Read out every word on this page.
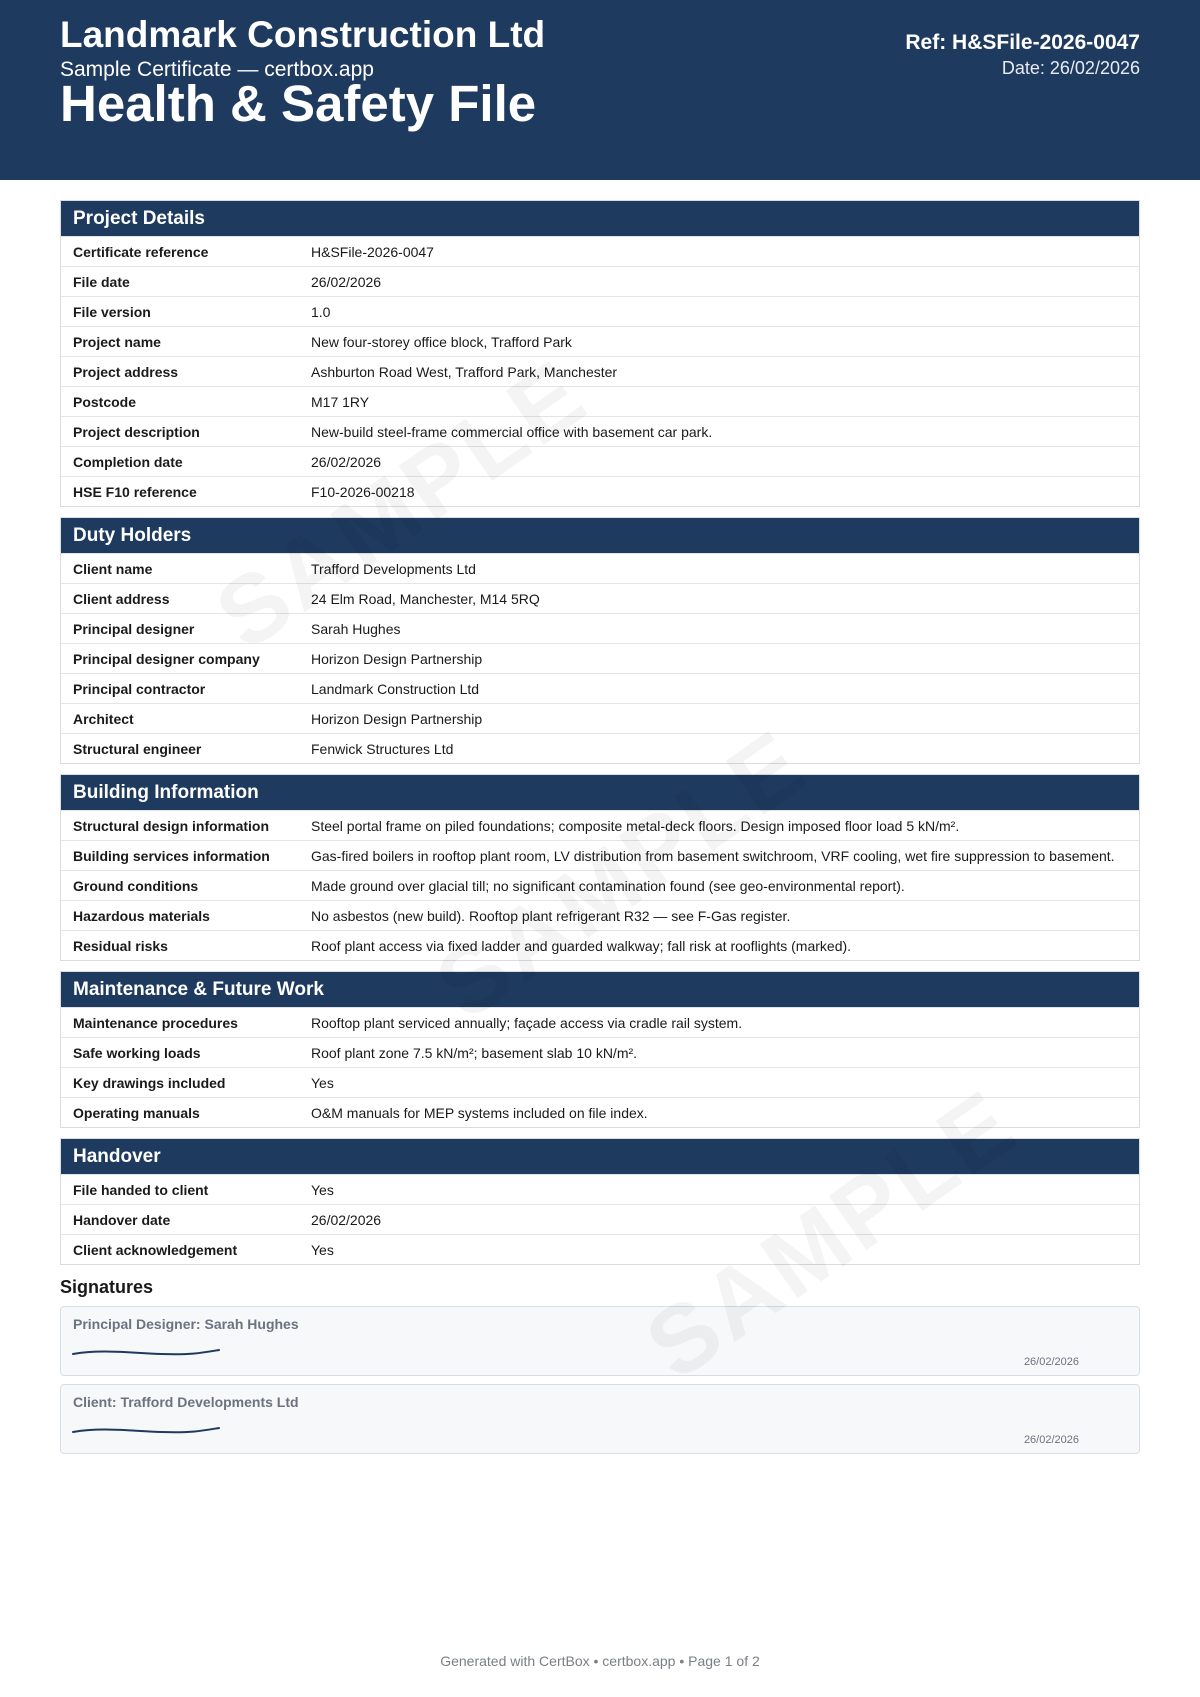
Landmark Construction Ltd
Sample Certificate — certbox.app
Health & Safety File
Ref: H&SFile-2026-0047
Date: 26/02/2026
Project Details
Certificate reference	H&SFile-2026-0047
File date	26/02/2026
File version	1.0
Project name	New four-storey office block, Trafford Park
Project address	Ashburton Road West, Trafford Park, Manchester
Postcode	M17 1RY
Project description	New-build steel-frame commercial office with basement car park.
Completion date	26/02/2026
HSE F10 reference	F10-2026-00218
Duty Holders
Client name	Trafford Developments Ltd
Client address	24 Elm Road, Manchester, M14 5RQ
Principal designer	Sarah Hughes
Principal designer company	Horizon Design Partnership
Principal contractor	Landmark Construction Ltd
Architect	Horizon Design Partnership
Structural engineer	Fenwick Structures Ltd
Building Information
Structural design information	Steel portal frame on piled foundations; composite metal-deck floors. Design imposed floor load 5 kN/m².
Building services information	Gas-fired boilers in rooftop plant room, LV distribution from basement switchroom, VRF cooling, wet fire suppression to basement.
Ground conditions	Made ground over glacial till; no significant contamination found (see geo-environmental report).
Hazardous materials	No asbestos (new build). Rooftop plant refrigerant R32 — see F-Gas register.
Residual risks	Roof plant access via fixed ladder and guarded walkway; fall risk at rooflights (marked).
Maintenance & Future Work
Maintenance procedures	Rooftop plant serviced annually; façade access via cradle rail system.
Safe working loads	Roof plant zone 7.5 kN/m²; basement slab 10 kN/m².
Key drawings included	Yes
Operating manuals	O&M manuals for MEP systems included on file index.
Handover
File handed to client	Yes
Handover date	26/02/2026
Client acknowledgement	Yes
Signatures
Principal Designer: Sarah Hughes
26/02/2026
Client: Trafford Developments Ltd
26/02/2026
Generated with CertBox • certbox.app • Page 1 of 2
